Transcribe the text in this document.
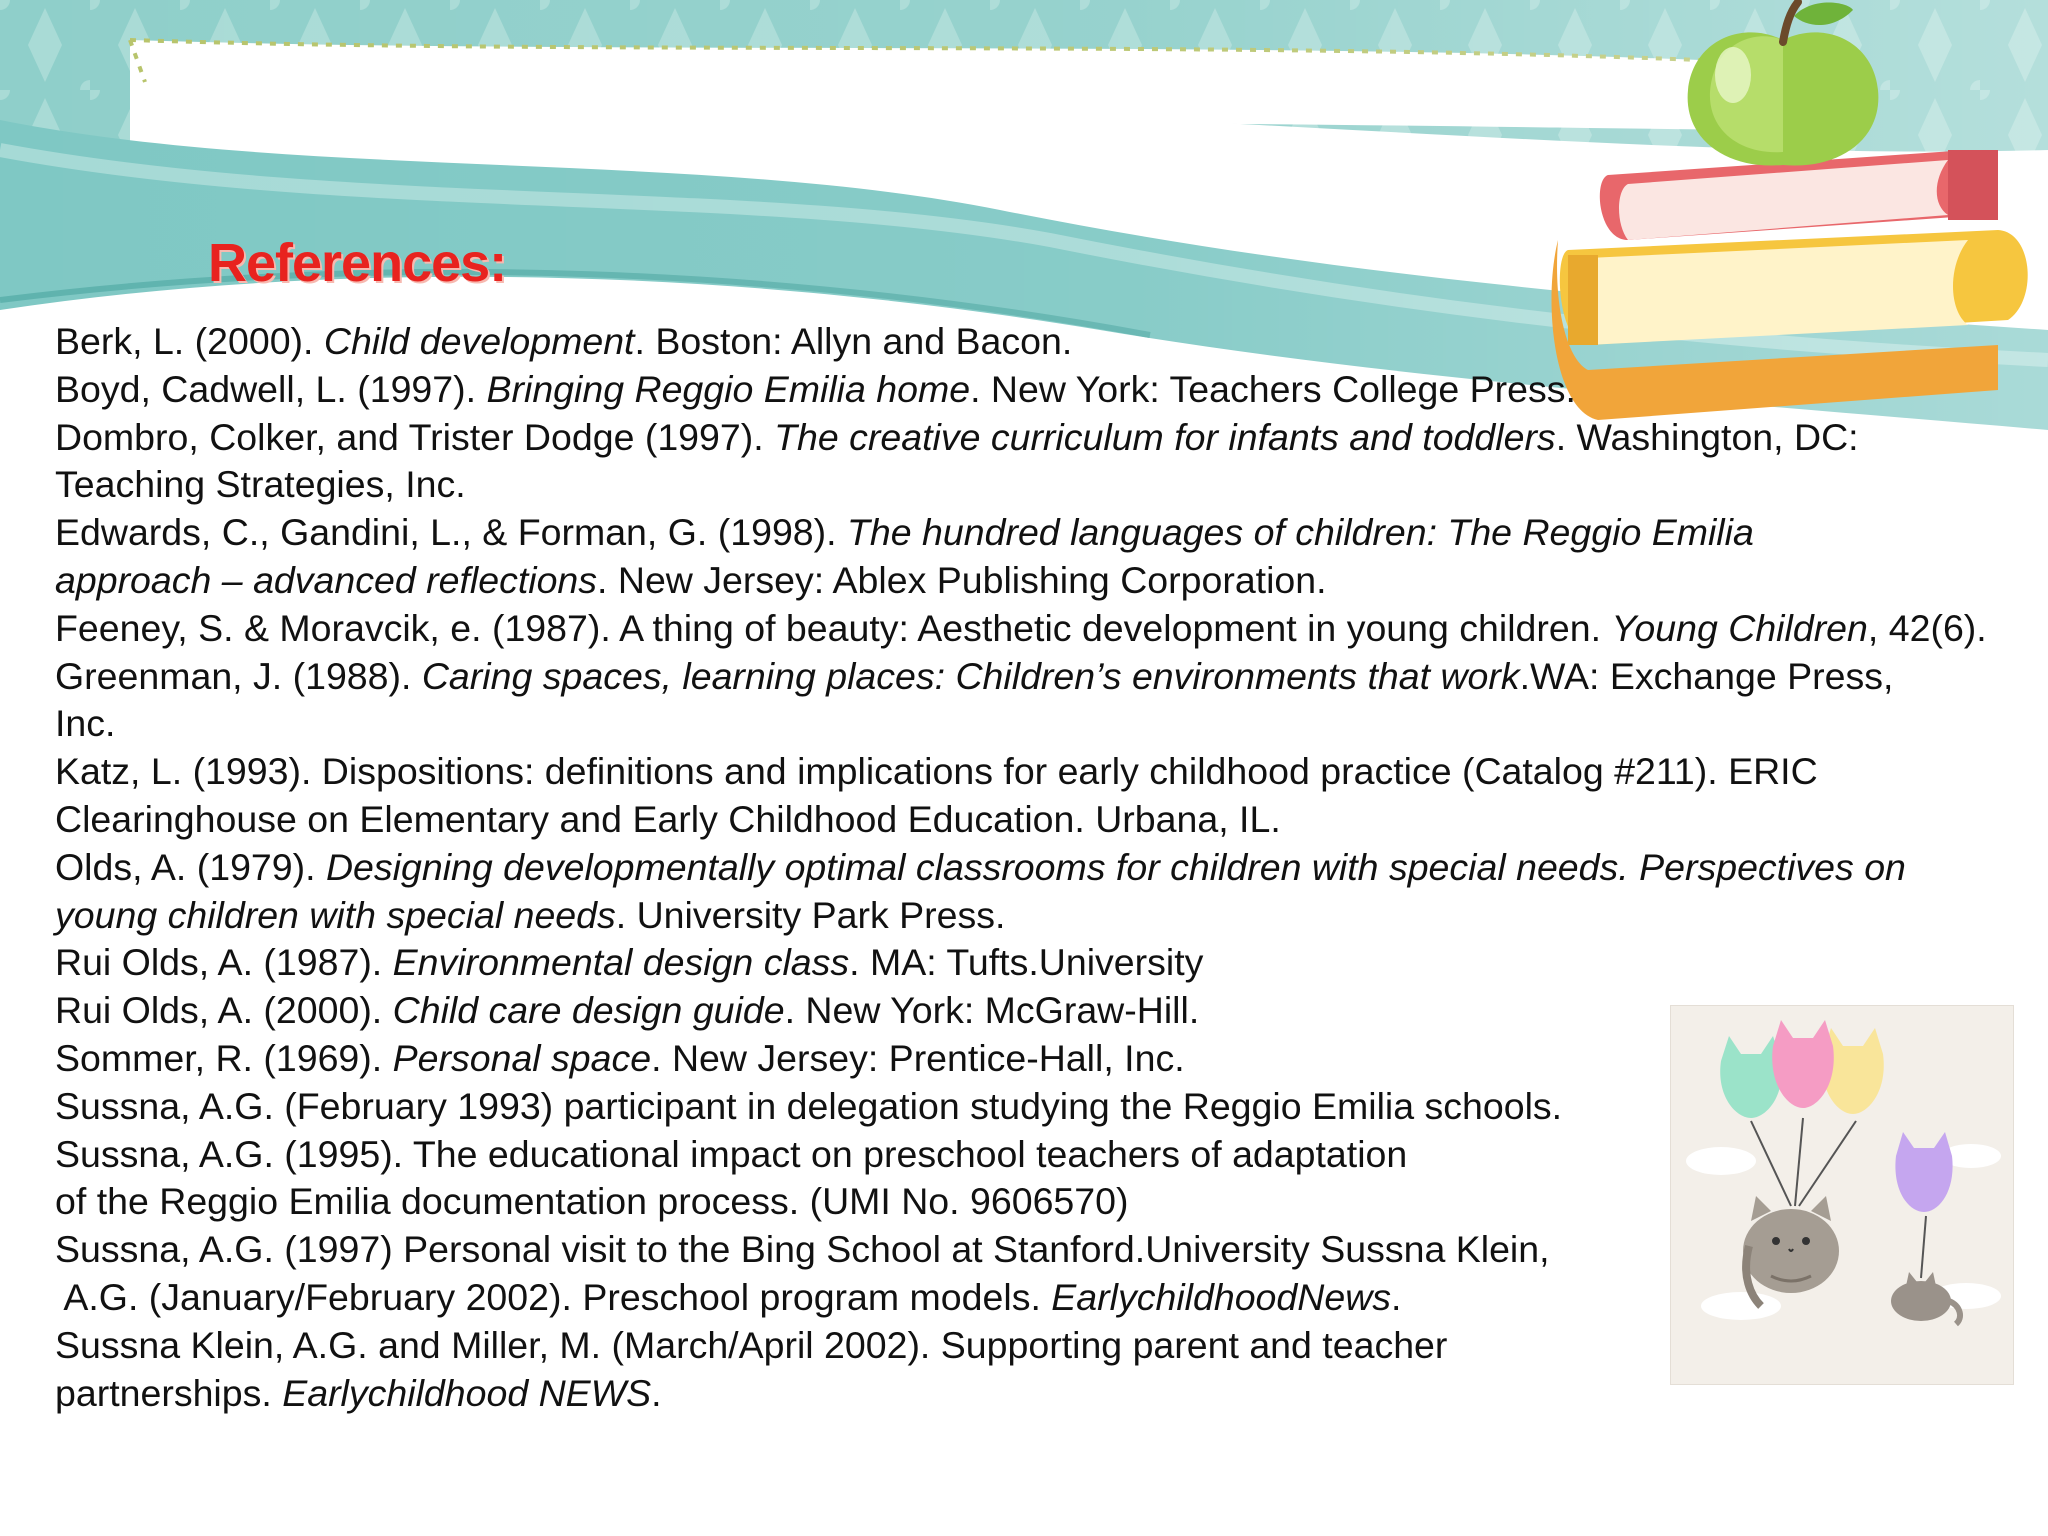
References:

Berk, L. (2000). Child development. Boston: Allyn and Bacon.

Boyd, Cadwell, L. (1997). Bringing Reggio Emilia home. New York: Teachers College Press.

Dombro, Colker, and Trister Dodge (1997). The creative curriculum for infants and toddlers. Washington, DC: Teaching Strategies, Inc.

Edwards, C., Gandini, L., & Forman, G. (1998). The hundred languages of children: The Reggio Emilia approach – advanced reflections. New Jersey: Ablex Publishing Corporation.

Feeney, S. & Moravcik, e. (1987). A thing of beauty: Aesthetic development in young children. Young Children, 42(6).

Greenman, J. (1988). Caring spaces, learning places: Children’s environments that work.WA: Exchange Press, Inc.

Katz, L. (1993). Dispositions: definitions and implications for early childhood practice (Catalog #211). ERIC Clearinghouse on Elementary and Early Childhood Education. Urbana, IL.

Olds, A. (1979). Designing developmentally optimal classrooms for children with special needs. Perspectives on young children with special needs. University Park Press.

Rui Olds, A. (1987). Environmental design class. MA: Tufts.University

Rui Olds, A. (2000). Child care design guide. New York: McGraw-Hill.

Sommer, R. (1969). Personal space. New Jersey: Prentice-Hall, Inc.

Sussna, A.G. (February 1993) participant in delegation studying the Reggio Emilia schools.

Sussna, A.G. (1995). The educational impact on preschool teachers of adaptation
of the Reggio Emilia documentation process. (UMI No. 9606570)

Sussna, A.G. (1997) Personal visit to the Bing School at Stanford.University Sussna Klein,
A.G. (January/February 2002). Preschool program models. EarlychildhoodNews.

Sussna Klein, A.G. and Miller, M. (March/April 2002). Supporting parent and teacher
partnerships. Earlychildhood NEWS.
